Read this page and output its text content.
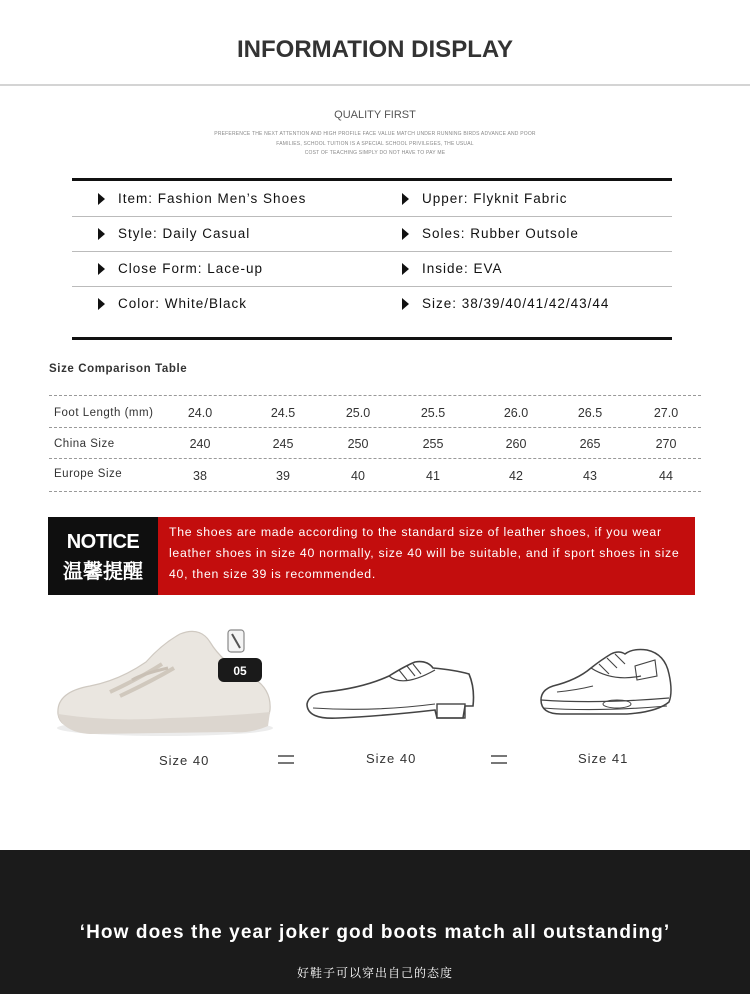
INFORMATION DISPLAY
QUALITY FIRST
PREFERENCE THE NEXT ATTENTION AND HIGH PROFILE FACE VALUE MATCH UNDER RUNNING BIRDS ADVANCE AND POOR
FAMILIES, SCHOOL TUITION IS A SPECIAL SCHOOL PRIVILEGES, THE USUAL
COST OF TEACHING SIMPLY DO NOT HAVE TO PAY ME
Item: Fashion Men’s Shoes	Upper: Flyknit Fabric
Style: Daily Casual	Soles: Rubber Outsole
Close Form: Lace-up	Inside: EVA
Color: White/Black	Size: 38/39/40/41/42/43/44
Size Comparison Table
Foot Length (mm)	24.0	24.5	25.0	25.5	26.0	26.5	27.0
China Size	240	245	250	255	260	265	270
Europe Size	38	39	40	41	42	43	44
NOTICE
温馨提醒
The shoes are made according to the standard size of leather shoes, if you wear leather shoes in size 40 normally, size 40 will be suitable, and if sport shoes in size 40, then size 39 is recommended.
05
Size 40	Size 40	Size 41
‘How does the year joker god boots match all outstanding’
好鞋子可以穿出自己的态度
